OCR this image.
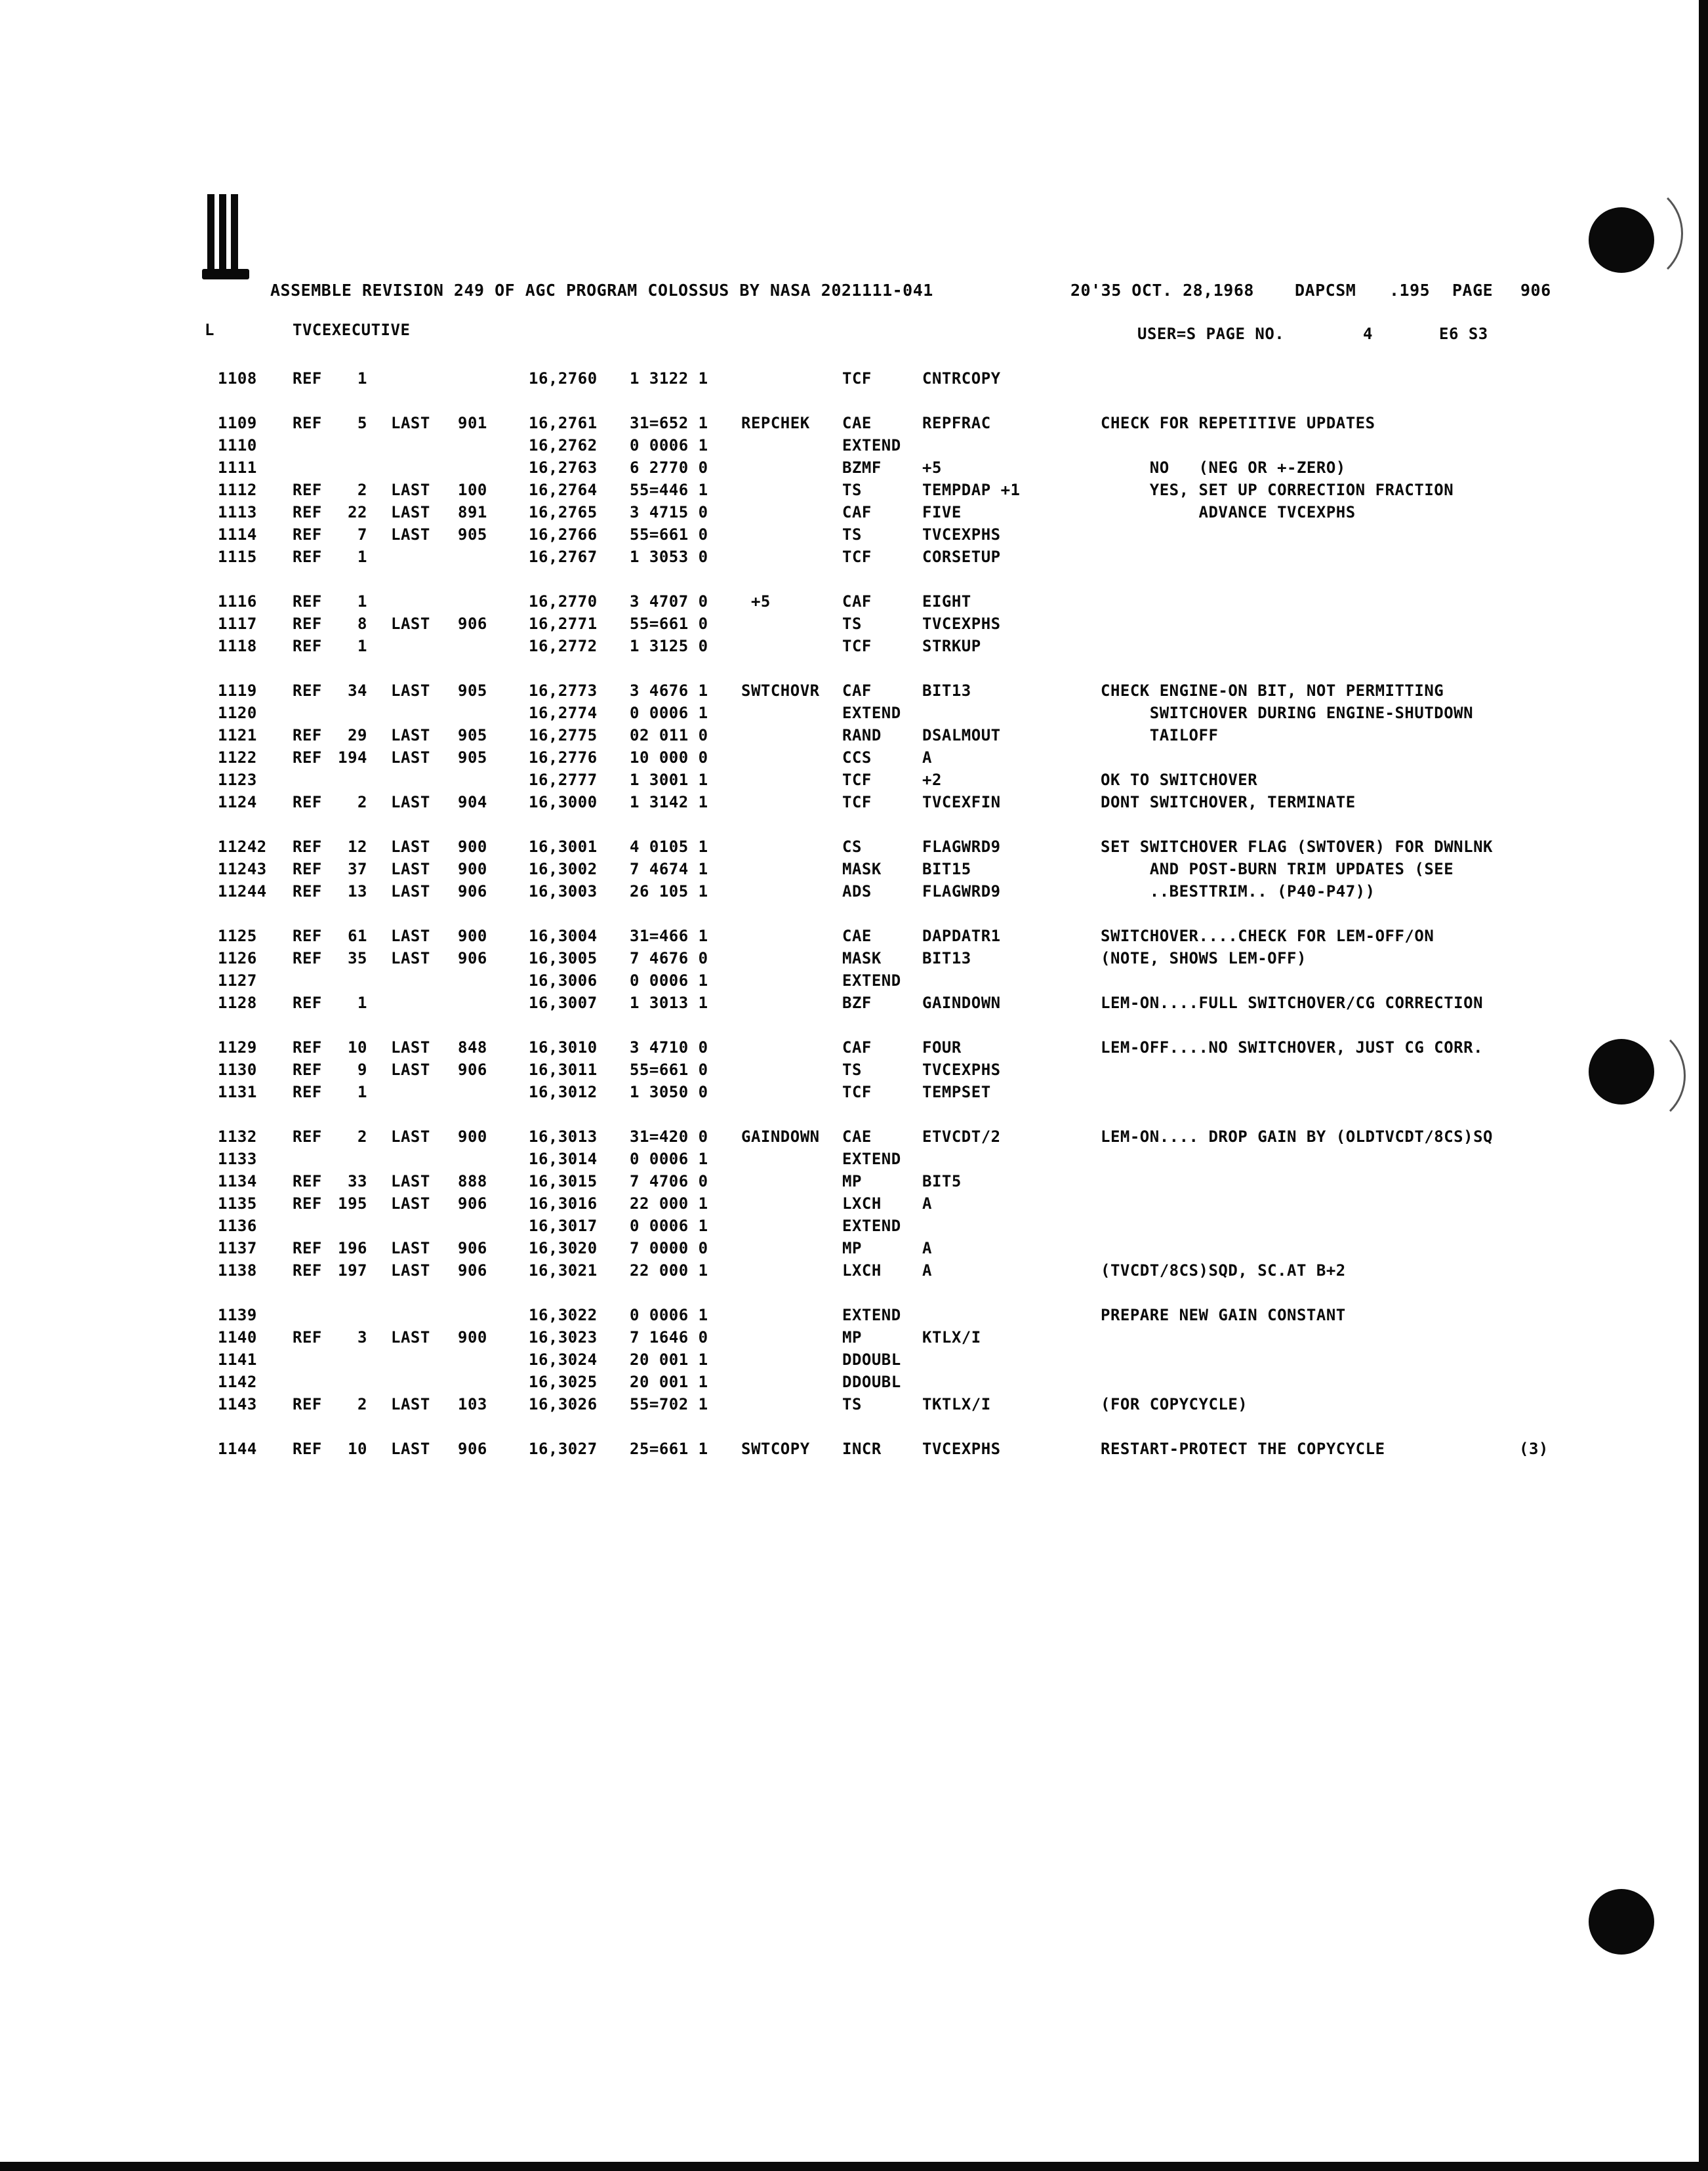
ASSEMBLE REVISION 249 OF AGC PROGRAM COLOSSUS BY NASA 2021111-041	20'35 OCT. 28,1968 DAPCSM .195 PAGE 906
L	TVCEXECUTIVE	USER=S PAGE NO.	4	E6 S3
1108 REF	1	16,2760 1 3122 1	TCF	CNTRCOPY
1109 REF	5 LAST 901	16,2761 31=652 1 REPCHEK CAE	REPFRAC	CHECK FOR REPETITIVE UPDATES
1110	16,2762 0 0006 1	EXTEND
1111	16,2763 6 2770 0	BZMF	+5	NO   (NEG OR +-ZERO)
1112 REF	2 LAST 100	16,2764 55=446 1	TS	TEMPDAP +1	YES, SET UP CORRECTION FRACTION
1113 REF	22 LAST 891	16,2765 3 4715 0	CAF	FIVE	ADVANCE TVCEXPHS
1114 REF	7 LAST 905	16,2766 55=661 0	TS	TVCEXPHS
1115 REF	1	16,2767 1 3053 0	TCF	CORSETUP
1116 REF	1	16,2770 3 4707 0 +5	CAF	EIGHT
1117 REF	8 LAST 906	16,2771 55=661 0	TS	TVCEXPHS
1118 REF	1	16,2772 1 3125 0	TCF	STRKUP
1119 REF	34 LAST 905	16,2773 3 4676 1 SWTCHOVR CAF	BIT13	CHECK ENGINE-ON BIT, NOT PERMITTING
1120	16,2774 0 0006 1	EXTEND	SWITCHOVER DURING ENGINE-SHUTDOWN
1121 REF	29 LAST 905	16,2775 02 011 0	RAND	DSALMOUT	TAILOFF
1122 REF 194 LAST 905	16,2776 10 000 0	CCS	A
1123	16,2777 1 3001 1	TCF	+2	OK TO SWITCHOVER
1124 REF	2 LAST 904	16,3000 1 3142 1	TCF	TVCEXFIN	DONT SWITCHOVER, TERMINATE
11242 REF	12 LAST 900	16,3001 4 0105 1	CS	FLAGWRD9	SET SWITCHOVER FLAG (SWTOVER) FOR DWNLNK
11243 REF	37 LAST 900	16,3002 7 4674 1	MASK	BIT15	AND POST-BURN TRIM UPDATES (SEE
11244 REF	13 LAST 906	16,3003 26 105 1	ADS	FLAGWRD9	..BESTTRIM.. (P40-P47))
1125 REF	61 LAST 900	16,3004 31=466 1	CAE	DAPDATR1	SWITCHOVER....CHECK FOR LEM-OFF/ON
1126 REF	35 LAST 906	16,3005 7 4676 0	MASK	BIT13	(NOTE, SHOWS LEM-OFF)
1127	16,3006 0 0006 1	EXTEND
1128 REF	1	16,3007 1 3013 1	BZF	GAINDOWN	LEM-ON....FULL SWITCHOVER/CG CORRECTION
1129 REF	10 LAST 848	16,3010 3 4710 0	CAF	FOUR	LEM-OFF....NO SWITCHOVER, JUST CG CORR.
1130 REF	9 LAST 906	16,3011 55=661 0	TS	TVCEXPHS
1131 REF	1	16,3012 1 3050 0	TCF	TEMPSET
1132 REF	2 LAST 900	16,3013 31=420 0 GAINDOWN CAE	ETVCDT/2	LEM-ON.... DROP GAIN BY (OLDTVCDT/8CS)SQ
1133	16,3014 0 0006 1	EXTEND
1134 REF	33 LAST 888	16,3015 7 4706 0	MP	BIT5
1135 REF 195 LAST 906	16,3016 22 000 1	LXCH	A
1136	16,3017 0 0006 1	EXTEND
1137 REF 196 LAST 906	16,3020 7 0000 0	MP	A
1138 REF 197 LAST 906	16,3021 22 000 1	LXCH	A	(TVCDT/8CS)SQD, SC.AT B+2
1139	16,3022 0 0006 1	EXTEND	PREPARE NEW GAIN CONSTANT
1140 REF	3 LAST 900	16,3023 7 1646 0	MP	KTLX/I
1141	16,3024 20 001 1	DDOUBL
1142	16,3025 20 001 1	DDOUBL
1143 REF	2 LAST 103	16,3026 55=702 1	TS	TKTLX/I	(FOR COPYCYCLE)
1144 REF	10 LAST 906	16,3027 25=661 1 SWTCOPY INCR	TVCEXPHS	RESTART-PROTECT THE COPYCYCLE	(3)
